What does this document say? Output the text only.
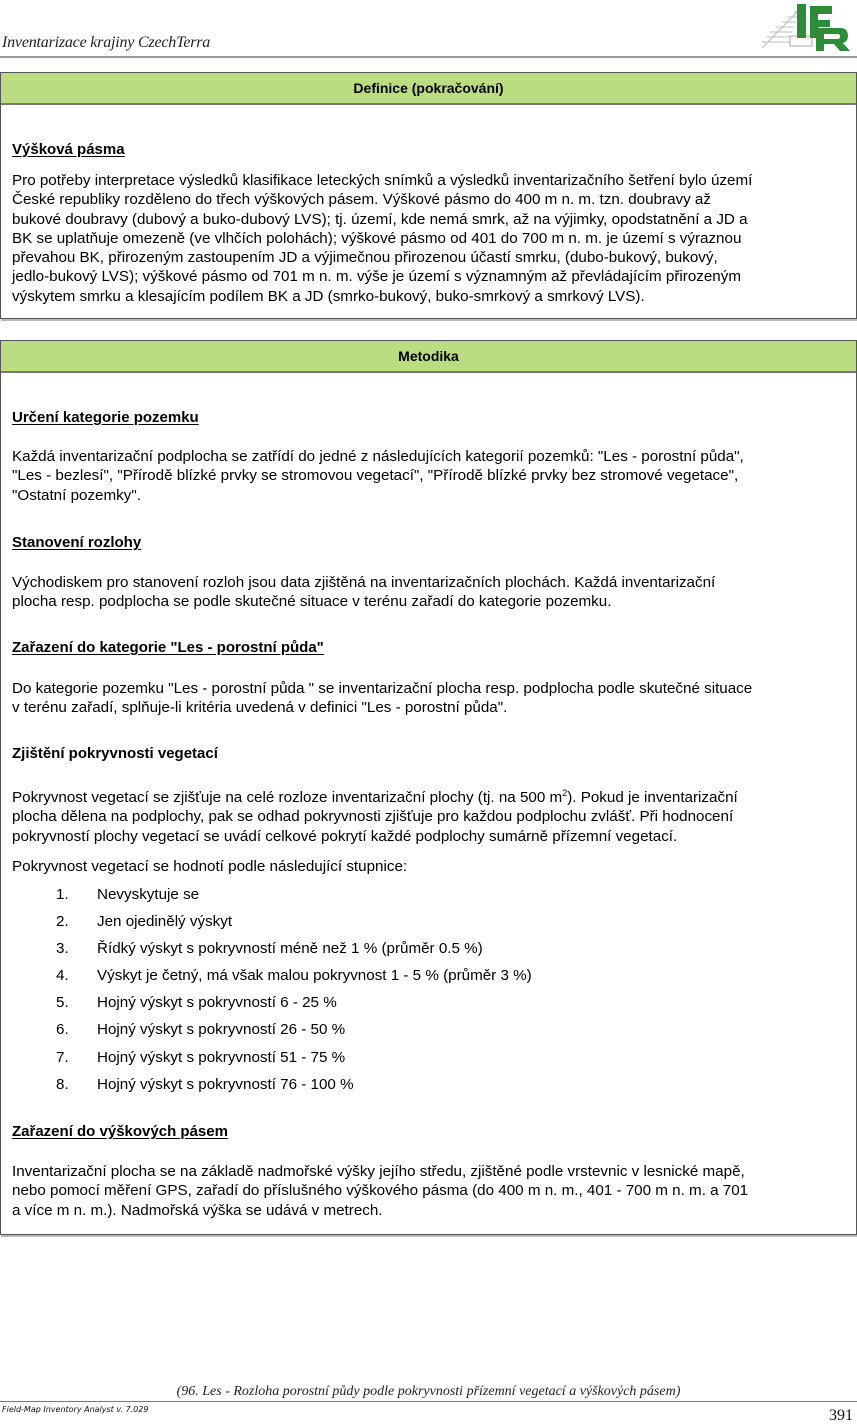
Inventarizace krajiny CzechTerra
Definice (pokračování)

Výšková pásma

Pro potřeby interpretace výsledků klasifikace leteckých snímků a výsledků inventarizačního šetření bylo území

České republiky rozděleno do třech výškových pásem. Výškové pásmo do 400 m n. m. tzn. doubravy až

bukové doubravy (dubový a buko-dubový LVS); tj. území, kde nemá smrk, až na výjimky, opodstatnění a JD a

BK se uplatňuje omezeně (ve vlhčích polohách); výškové pásmo od 401 do 700 m n. m. je území s výraznou

převahou BK, přirozeným zastoupením JD a výjimečnou přirozenou účastí smrku, (dubo-bukový, bukový,

jedlo-bukový LVS); výškové pásmo od 701 m n. m. výše je území s významným až převládajícím přirozeným

výskytem smrku a klesajícím podílem BK a JD (smrko-bukový, buko-smrkový a smrkový LVS).

Metodika

Určení kategorie pozemku

Každá inventarizační podplocha se zatřídí do jedné z následujících kategorií pozemků: "Les - porostní půda",

"Les - bezlesí", "Přírodě blízké prvky se stromovou vegetací", "Přírodě blízké prvky bez stromové vegetace",

"Ostatní pozemky".

Stanovení rozlohy

Východiskem pro stanovení rozloh jsou data zjištěná na inventarizačních plochách. Každá inventarizační

plocha resp. podplocha se podle skutečné situace v terénu zařadí do kategorie pozemku.

Zařazení do kategorie "Les - porostní půda"

Do kategorie pozemku "Les - porostní půda " se inventarizační plocha resp. podplocha podle skutečné situace

v terénu zařadí, splňuje-li kritéria uvedená v definici "Les - porostní půda".

Zjištění pokryvnosti vegetací

Pokryvnost vegetací se zjišťuje na celé rozloze inventarizační plochy (tj. na 500 $m^2$). Pokud je inventarizační

plocha dělena na podplochy, pak se odhad pokryvnosti zjišťuje pro každou podplochu zvlášť. Při hodnocení

pokryvností plochy vegetací se uvádí celkové pokrytí každé podplochy sumárně přízemní vegetací.

Pokryvnost vegetací se hodnotí podle následující stupnice:

1.	Nevyskytuje se
2.	Jen ojedinělý výskyt
3.	Řídký výskyt s pokryvností méně než 1 % (průměr 0.5 %)
4.	Výskyt je četný, má však malou pokryvnost 1 - 5 % (průměr 3 %)
5.	Hojný výskyt s pokryvností 6 - 25 %
6.	Hojný výskyt s pokryvností 26 - 50 %
7.	Hojný výskyt s pokryvností 51 - 75 %
8.	Hojný výskyt s pokryvností 76 - 100 %

Zařazení do výškových pásem

Inventarizační plocha se na základě nadmořské výšky jejího středu, zjištěné podle vrstevnic v lesnické mapě,

nebo pomocí měření GPS, zařadí do příslušného výškového pásma (do 400 m n. m., 401 - 700 m n. m. a 701

a více m n. m.). Nadmořská výška se udává v metrech.

(96. Les - Rozloha porostní půdy podle pokryvnosti přízemní vegetací a výškových pásem)
Field-Map Inventory Analyst v. 7.029	391
